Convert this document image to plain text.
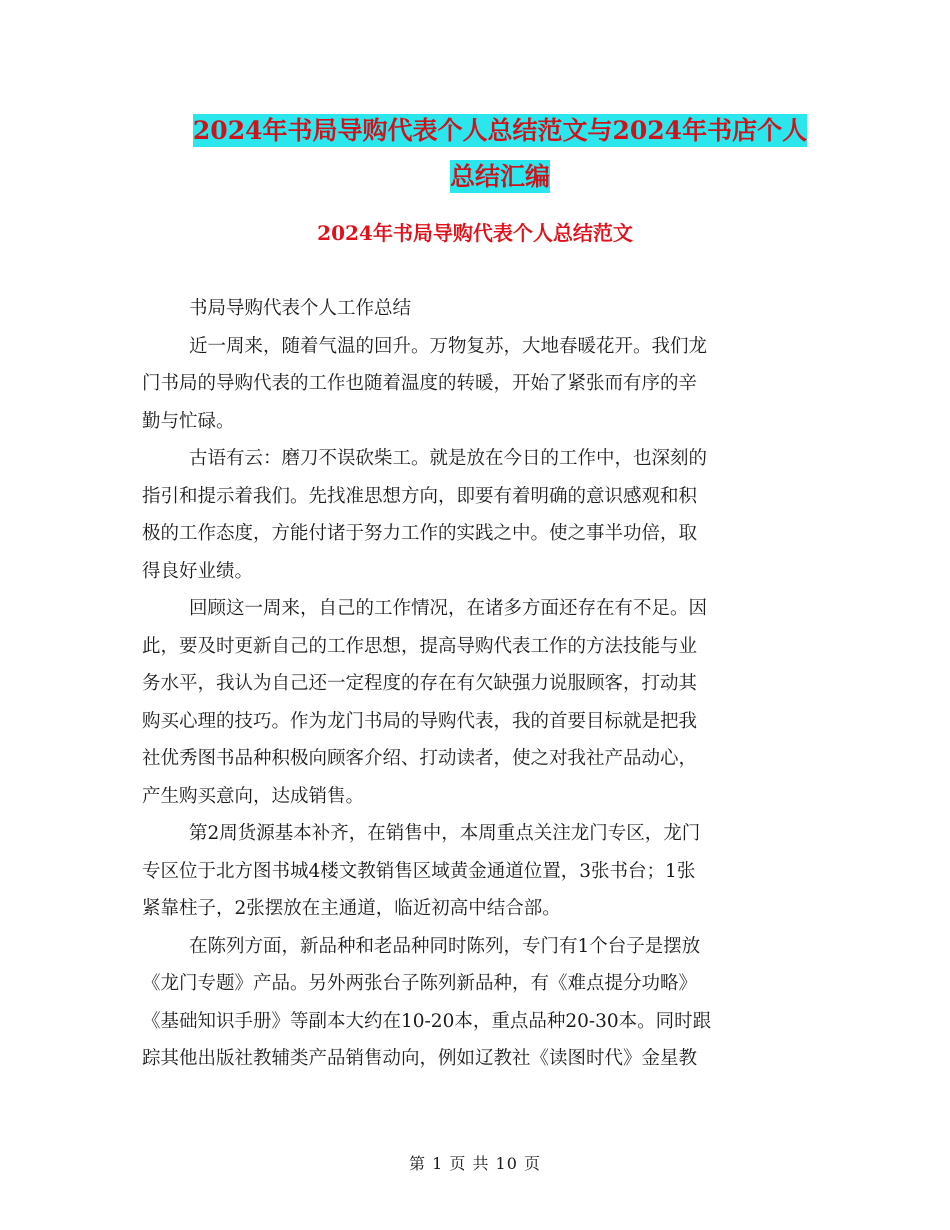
2024年书局导购代表个人总结范文与2024年书店个人
总结汇编
2024年书局导购代表个人总结范文
书局导购代表个人工作总结
近一周来，随着气温的回升。万物复苏，大地春暖花开。我们龙
门书局的导购代表的工作也随着温度的转暖，开始了紧张而有序的辛
勤与忙碌。
古语有云：磨刀不误砍柴工。就是放在今日的工作中，也深刻的
指引和提示着我们。先找准思想方向，即要有着明确的意识感观和积
极的工作态度，方能付诸于努力工作的实践之中。使之事半功倍，取
得良好业绩。
回顾这一周来，自己的工作情况，在诸多方面还存在有不足。因
此，要及时更新自己的工作思想，提高导购代表工作的方法技能与业
务水平，我认为自己还一定程度的存在有欠缺强力说服顾客，打动其
购买心理的技巧。作为龙门书局的导购代表，我的首要目标就是把我
社优秀图书品种积极向顾客介绍、打动读者，使之对我社产品动心，
产生购买意向，达成销售。
第2周货源基本补齐，在销售中，本周重点关注龙门专区，龙门
专区位于北方图书城4楼文教销售区域黄金通道位置，3张书台；1张
紧靠柱子，2张摆放在主通道，临近初高中结合部。
在陈列方面，新品种和老品种同时陈列，专门有1个台子是摆放
《龙门专题》产品。另外两张台子陈列新品种，有《难点提分功略》
《基础知识手册》等副本大约在10-20本，重点品种20-30本。同时跟
踪其他出版社教辅类产品销售动向，例如辽教社《读图时代》金星教
第 1 页 共 10 页
